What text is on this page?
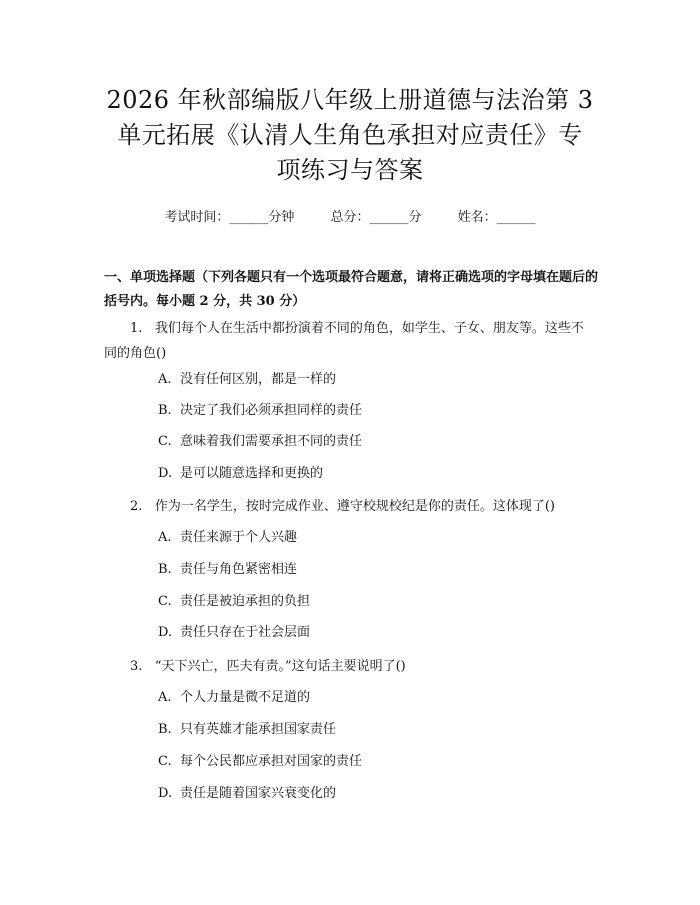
2026 年秋部编版八年级上册道德与法治第 3
单元拓展《认清人生角色承担对应责任》专
项练习与答案
考试时间：______分钟	总分：______分	姓名：______
一、单项选择题（下列各题只有一个选项最符合题意，请将正确选项的字母填在题后的括号内。每小题 2 分，共 30 分）
1. 我们每个人在生活中都扮演着不同的角色，如学生、子女、朋友等。这些不同的角色()
A. 没有任何区别，都是一样的
B. 决定了我们必须承担同样的责任
C. 意味着我们需要承担不同的责任
D. 是可以随意选择和更换的
2. 作为一名学生，按时完成作业、遵守校规校纪是你的责任。这体现了()
A. 责任来源于个人兴趣
B. 责任与角色紧密相连
C. 责任是被迫承担的负担
D. 责任只存在于社会层面
3. “天下兴亡，匹夫有责。”这句话主要说明了()
A. 个人力量是微不足道的
B. 只有英雄才能承担国家责任
C. 每个公民都应承担对国家的责任
D. 责任是随着国家兴衰变化的
